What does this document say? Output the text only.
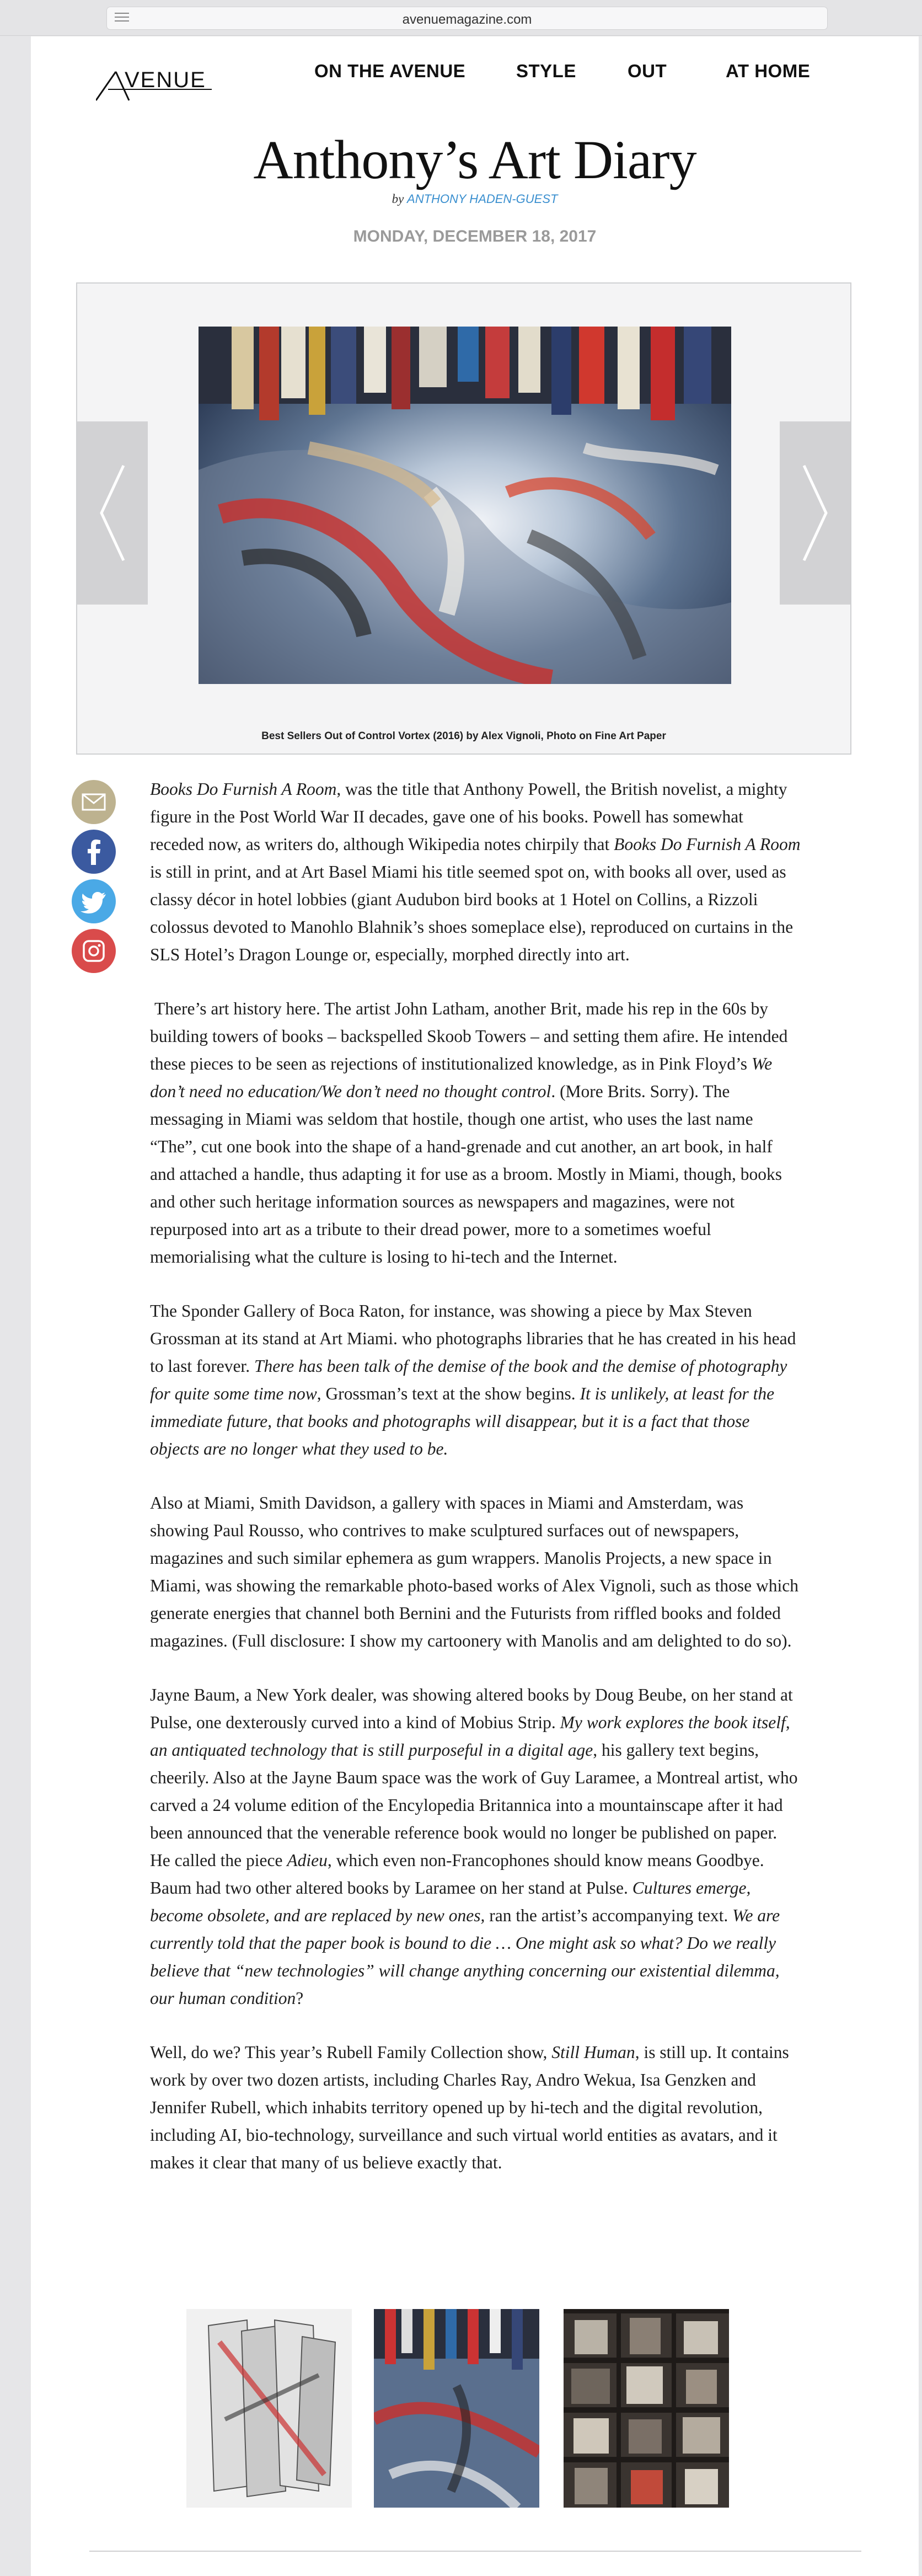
avenuemagazine.com
VENUE	ON THE AVENUE	STYLE	OUT	AT HOME
Anthony’s Art Diary
by ANTHONY HADEN-GUEST
MONDAY, DECEMBER 18, 2017
Best Sellers Out of Control Vortex (2016) by Alex Vignoli, Photo on Fine Art Paper

Books Do Furnish A Room, was the title that Anthony Powell, the British novelist, a mighty figure in the Post World War II decades, gave one of his books. Powell has somewhat receded now, as writers do, although Wikipedia notes chirpily that Books Do Furnish A Room is still in print, and at Art Basel Miami his title seemed spot on, with books all over, used as classy décor in hotel lobbies (giant Audubon bird books at 1 Hotel on Collins, a Rizzoli colossus devoted to Manohlo Blahnik’s shoes someplace else), reproduced on curtains in the SLS Hotel’s Dragon Lounge or, especially, morphed directly into art.

There’s art history here. The artist John Latham, another Brit, made his rep in the 60s by building towers of books – backspelled Skoob Towers – and setting them afire. He intended these pieces to be seen as rejections of institutionalized knowledge, as in Pink Floyd’s We don’t need no education/We don’t need no thought control. (More Brits. Sorry). The messaging in Miami was seldom that hostile, though one artist, who uses the last name “The”, cut one book into the shape of a hand-grenade and cut another, an art book, in half and attached a handle, thus adapting it for use as a broom. Mostly in Miami, though, books and other such heritage information sources as newspapers and magazines, were not repurposed into art as a tribute to their dread power, more to a sometimes woeful memorialising what the culture is losing to hi-tech and the Internet.

The Sponder Gallery of Boca Raton, for instance, was showing a piece by Max Steven Grossman at its stand at Art Miami. who photographs libraries that he has created in his head to last forever. There has been talk of the demise of the book and the demise of photography for quite some time now, Grossman’s text at the show begins. It is unlikely, at least for the immediate future, that books and photographs will disappear, but it is a fact that those objects are no longer what they used to be.

Also at Miami, Smith Davidson, a gallery with spaces in Miami and Amsterdam, was showing Paul Rousso, who contrives to make sculptured surfaces out of newspapers, magazines and such similar ephemera as gum wrappers. Manolis Projects, a new space in Miami, was showing the remarkable photo-based works of Alex Vignoli, such as those which generate energies that channel both Bernini and the Futurists from riffled books and folded magazines. (Full disclosure: I show my cartoonery with Manolis and am delighted to do so).

Jayne Baum, a New York dealer, was showing altered books by Doug Beube, on her stand at Pulse, one dexterously curved into a kind of Mobius Strip. My work explores the book itself, an antiquated technology that is still purposeful in a digital age, his gallery text begins, cheerily. Also at the Jayne Baum space was the work of Guy Laramee, a Montreal artist, who carved a 24 volume edition of the Encylopedia Britannica into a mountainscape after it had been announced that the venerable reference book would no longer be published on paper. He called the piece Adieu, which even non-Francophones should know means Goodbye. Baum had two other altered books by Laramee on her stand at Pulse. Cultures emerge, become obsolete, and are replaced by new ones, ran the artist’s accompanying text. We are currently told that the paper book is bound to die … One might ask so what? Do we really believe that “new technologies” will change anything concerning our existential dilemma, our human condition?

Well, do we? This year’s Rubell Family Collection show, Still Human, is still up. It contains work by over two dozen artists, including Charles Ray, Andro Wekua, Isa Genzken and Jennifer Rubell, which inhabits territory opened up by hi-tech and the digital revolution, including AI, bio-technology, surveillance and such virtual world entities as avatars, and it makes it clear that many of us believe exactly that.
